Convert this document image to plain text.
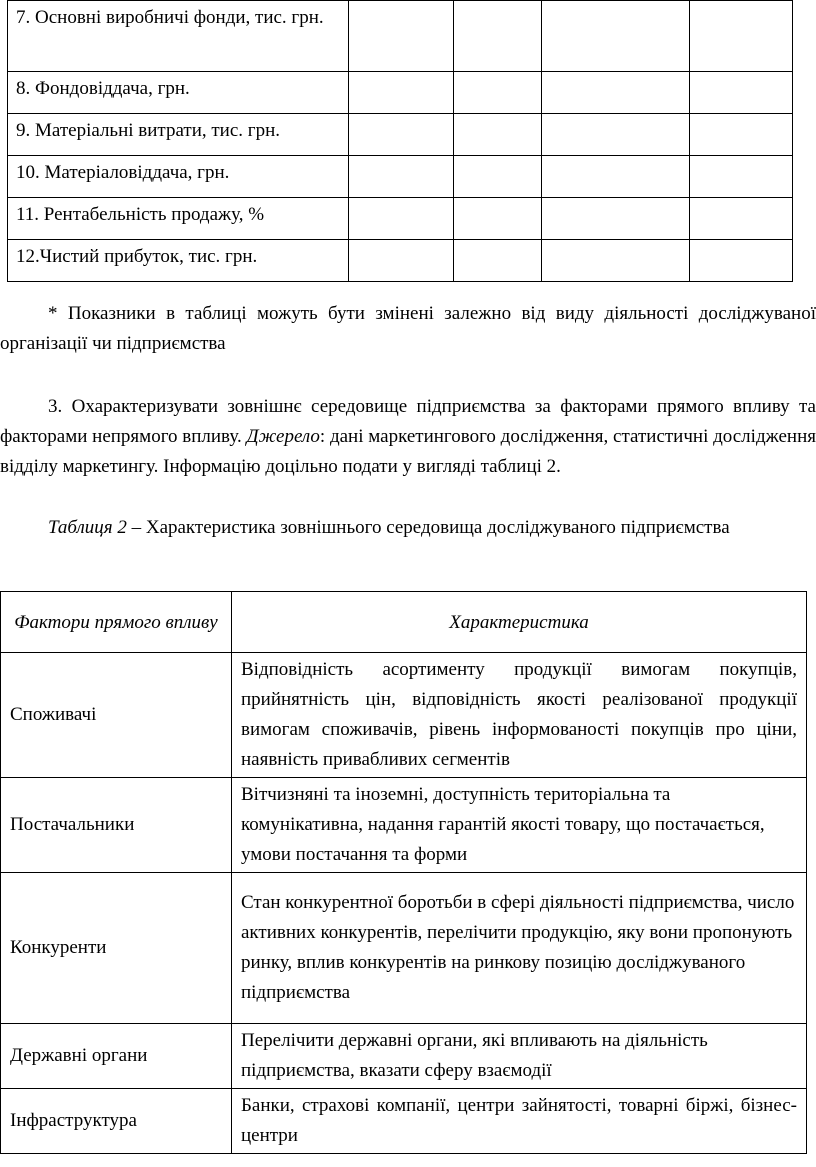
7. Основні виробничі фонди, тис. грн.				
8. Фондовіддача, грн.				
9. Матеріальні витрати, тис. грн.				
10. Матеріаловіддача, грн.				
11. Рентабельність продажу, %				
12.Чистий прибуток, тис. грн.				

* Показники в таблиці можуть бути змінені залежно від виду діяльності досліджуваної організації чи підприємства

3. Охарактеризувати зовнішнє середовище підприємства за факторами прямого впливу та факторами непрямого впливу. Джерело: дані маркетингового дослідження, статистичні дослідження відділу маркетингу. Інформацію доцільно подати у вигляді таблиці 2.

Таблиця 2 – Характеристика зовнішнього середовища досліджуваного підприємства

Фактори прямого впливу	Характеристика
Споживачі	Відповідність асортименту продукції вимогам покупців, прийнятність цін, відповідність якості реалізованої продукції вимогам споживачів, рівень інформованості покупців про ціни, наявність привабливих сегментів
Постачальники	Вітчизняні та іноземні, доступність територіальна та комунікативна, надання гарантій якості товару, що постачається, умови постачання та форми
Конкуренти	Стан конкурентної боротьби в сфері діяльності підприємства, число активних конкурентів, перелічити продукцію, яку вони пропонують ринку, вплив конкурентів на ринкову позицію досліджуваного підприємства
Державні органи	Перелічити державні органи, які впливають на діяльність підприємства, вказати сферу взаємодії
Інфраструктура	Банки, страхові компанії, центри зайнятості, товарні біржі, бізнес-центри
